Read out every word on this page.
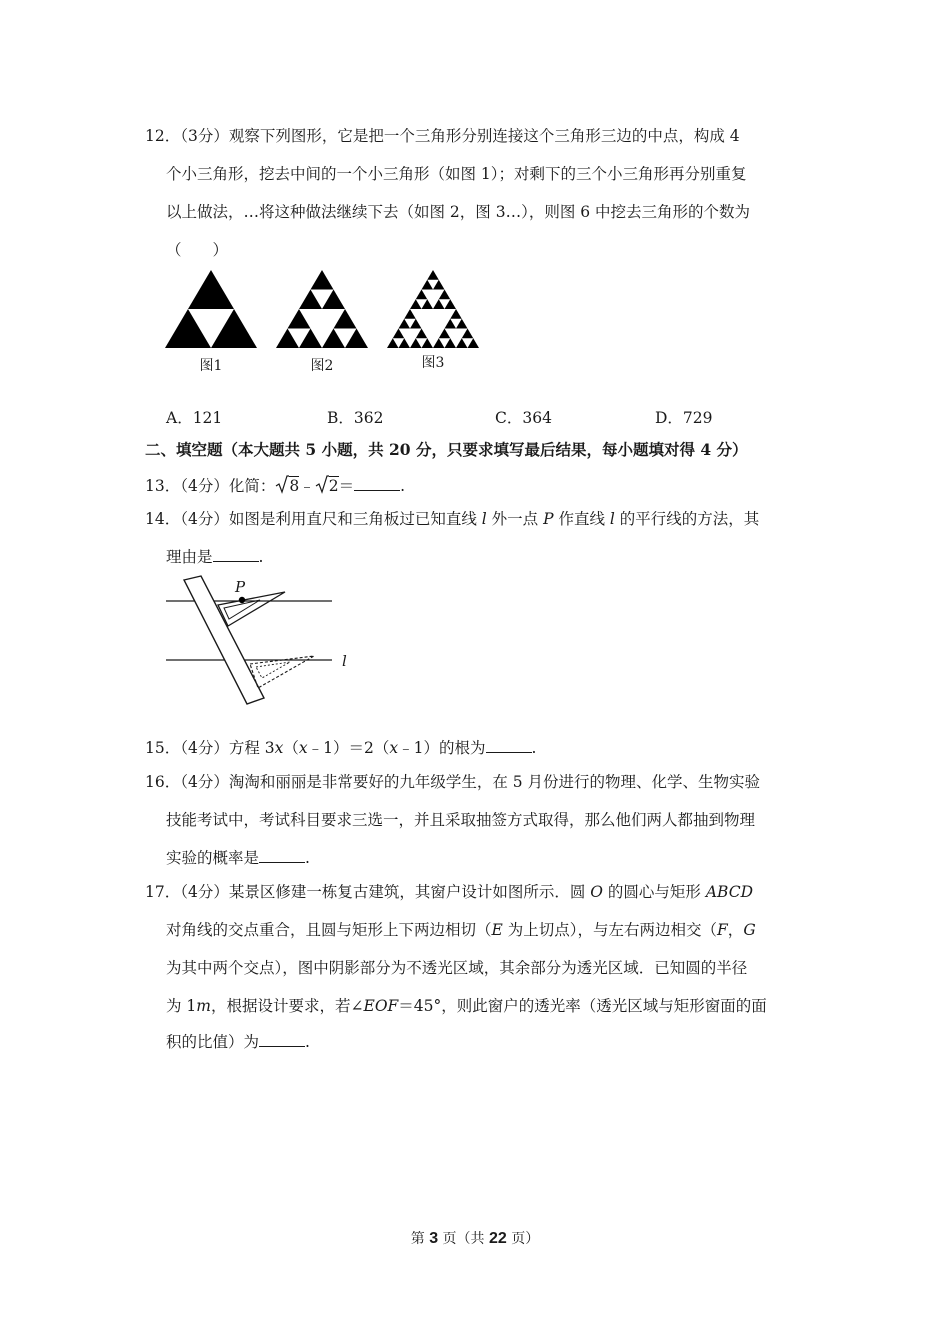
12．（3分）观察下列图形，它是把一个三角形分别连接这个三角形三边的中点，构成 4
个小三角形，挖去中间的一个小三角形（如图 1）；对剩下的三个小三角形再分别重复
以上做法，…将这种做法继续下去（如图 2，图 3…），则图 6 中挖去三角形的个数为
（　　）
图1	图2	图3
A．121	B．362	C．364	D．729
二、填空题（本大题共 5 小题，共 20 分，只要求填写最后结果，每小题填对得 4 分）
13．（4分）化简： 8﹣ 2＝	.
14．（4分）如图是利用直尺和三角板过已知直线 l 外一点 P 作直线 l 的平行线的方法，其
理由是	.
P
l
15．（4分）方程 3x（x﹣1）＝2（x﹣1）的根为	.
16．（4分）淘淘和丽丽是非常要好的九年级学生，在 5 月份进行的物理、化学、生物实验
技能考试中，考试科目要求三选一，并且采取抽签方式取得，那么他们两人都抽到物理
实验的概率是	.
17．（4分）某景区修建一栋复古建筑，其窗户设计如图所示．圆 O 的圆心与矩形 ABCD
对角线的交点重合，且圆与矩形上下两边相切（E 为上切点），与左右两边相交（F，G
为其中两个交点），图中阴影部分为不透光区域，其余部分为透光区域．已知圆的半径
为 1m，根据设计要求，若∠EOF＝45°，则此窗户的透光率（透光区域与矩形窗面的面
积的比值）为	.
第 3 页（共 22 页）
